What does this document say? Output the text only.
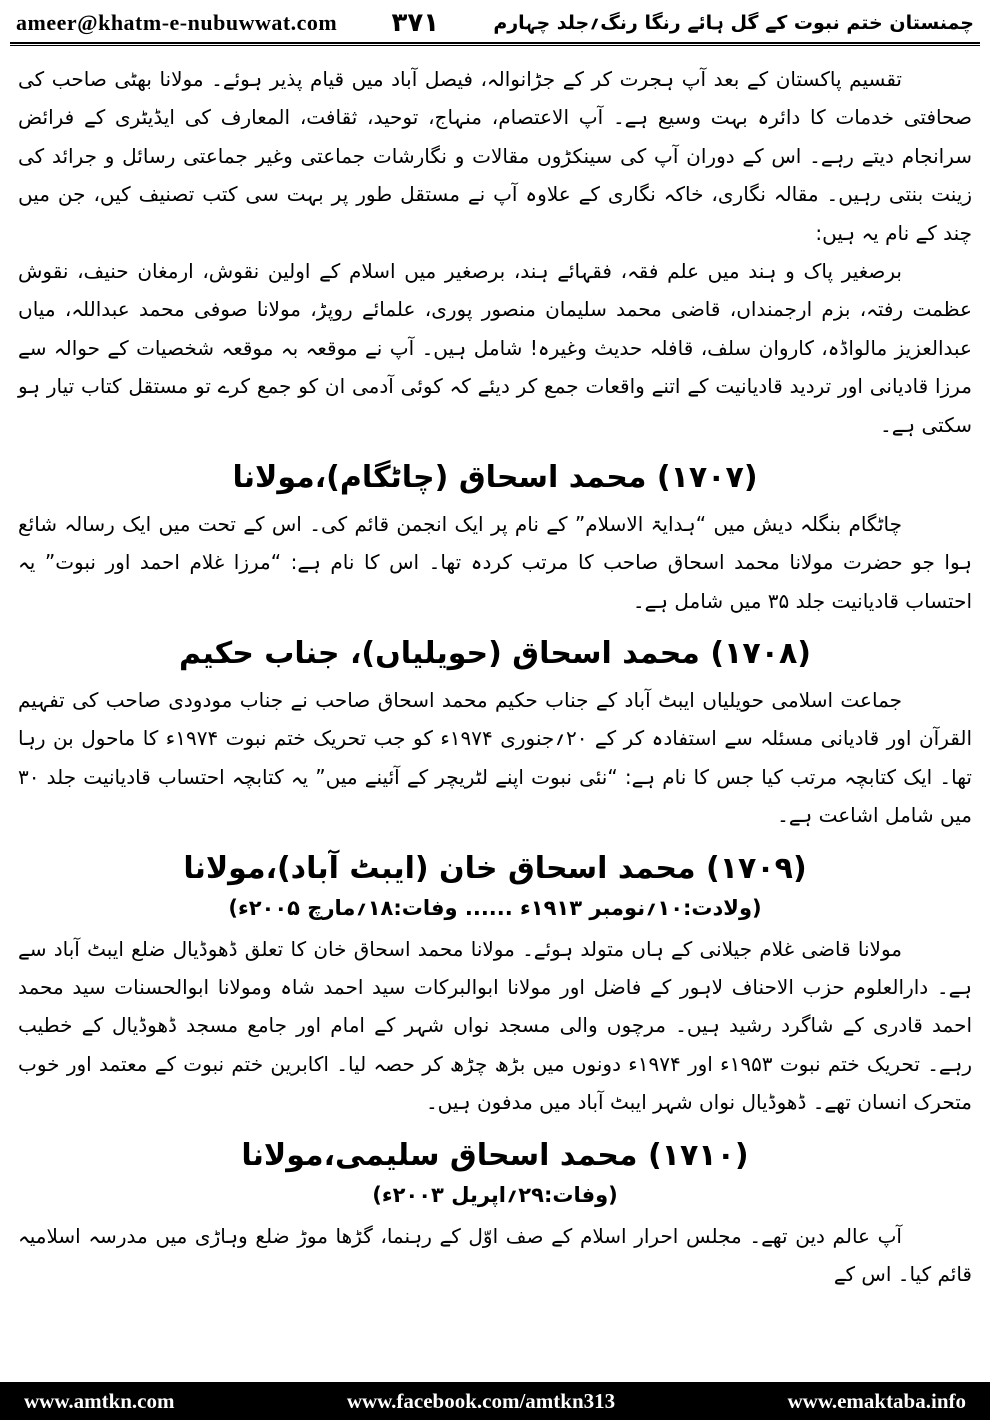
ameer@khatm-e-nubuwwat.com ۳۷۱	چمنستان ختم نبوت کے گل ہائے رنگا رنگ؍جلد چہارم

تقسیم پاکستان کے بعد آپ ہجرت کر کے جڑانوالہ، فیصل آباد میں قیام پذیر ہوئے۔ مولانا بھٹی صاحب کی صحافتی خدمات کا دائرہ بہت وسیع ہے۔ آپ الاعتصام، منہاج، توحید، ثقافت، المعارف کی ایڈیٹری کے فرائض سرانجام دیتے رہے۔ اس کے دوران آپ کی سینکڑوں مقالات و نگارشات جماعتی وغیر جماعتی رسائل و جرائد کی زینت بنتی رہیں۔ مقالہ نگاری، خاکہ نگاری کے علاوہ آپ نے مستقل طور پر بہت سی کتب تصنیف کیں، جن میں چند کے نام یہ ہیں:

برصغیر پاک و ہند میں علم فقہ، فقہائے ہند، برصغیر میں اسلام کے اولین نقوش، ارمغان حنیف، نقوش عظمت رفتہ، بزم ارجمنداں، قاضی محمد سلیمان منصور پوری، علمائے روپڑ، مولانا صوفی محمد عبداللہ، میاں عبدالعزیز مالواڈہ، کاروان سلف، قافلہ حدیث وغیرہ! شامل ہیں۔ آپ نے موقعہ بہ موقعہ شخصیات کے حوالہ سے مرزا قادیانی اور تردید قادیانیت کے اتنے واقعات جمع کر دیئے کہ کوئی آدمی ان کو جمع کرے تو مستقل کتاب تیار ہو سکتی ہے۔

(۱۷۰۷) محمد اسحاق (چاٹگام)،مولانا

چاٹگام بنگلہ دیش میں “ہدایۃ الاسلام” کے نام پر ایک انجمن قائم کی۔ اس کے تحت میں ایک رسالہ شائع ہوا جو حضرت مولانا محمد اسحاق صاحب کا مرتب کردہ تھا۔ اس کا نام ہے: “مرزا غلام احمد اور نبوت” یہ احتساب قادیانیت جلد ۳۵ میں شامل ہے۔

(۱۷۰۸) محمد اسحاق (حویلیاں)، جناب حکیم

جماعت اسلامی حویلیاں ایبٹ آباد کے جناب حکیم محمد اسحاق صاحب نے جناب مودودی صاحب کی تفہیم القرآن اور قادیانی مسئلہ سے استفادہ کر کے ۲۰؍جنوری ۱۹۷۴ء کو جب تحریک ختم نبوت ۱۹۷۴ء کا ماحول بن رہا تھا۔ ایک کتابچہ مرتب کیا جس کا نام ہے: “نئی نبوت اپنے لٹریچر کے آئینے میں” یہ کتابچہ احتساب قادیانیت جلد ۳۰ میں شامل اشاعت ہے۔

(۱۷۰۹) محمد اسحاق خان (ایبٹ آباد)،مولانا

(ولادت:۱۰؍نومبر ۱۹۱۳ء ...... وفات:۱۸؍مارچ ۲۰۰۵ء)

مولانا قاضی غلام جیلانی کے ہاں متولد ہوئے۔ مولانا محمد اسحاق خان کا تعلق ڈھوڈیال ضلع ایبٹ آباد سے ہے۔ دارالعلوم حزب الاحناف لاہور کے فاضل اور مولانا ابوالبرکات سید احمد شاہ ومولانا ابوالحسنات سید محمد احمد قادری کے شاگرد رشید ہیں۔ مرچوں والی مسجد نواں شہر کے امام اور جامع مسجد ڈھوڈیال کے خطیب رہے۔ تحریک ختم نبوت ۱۹۵۳ء اور ۱۹۷۴ء دونوں میں بڑھ چڑھ کر حصہ لیا۔ اکابرین ختم نبوت کے معتمد اور خوب متحرک انسان تھے۔ ڈھوڈیال نواں شہر ایبٹ آباد میں مدفون ہیں۔

(۱۷۱۰) محمد اسحاق سلیمی،مولانا

(وفات:۲۹؍اپریل ۲۰۰۳ء)

آپ عالم دین تھے۔ مجلس احرار اسلام کے صف اوّل کے رہنما، گڑھا موڑ ضلع وہاڑی میں مدرسہ اسلامیہ قائم کیا۔ اس کے

www.amtkn.com	www.facebook.com/amtkn313	www.emaktaba.info
